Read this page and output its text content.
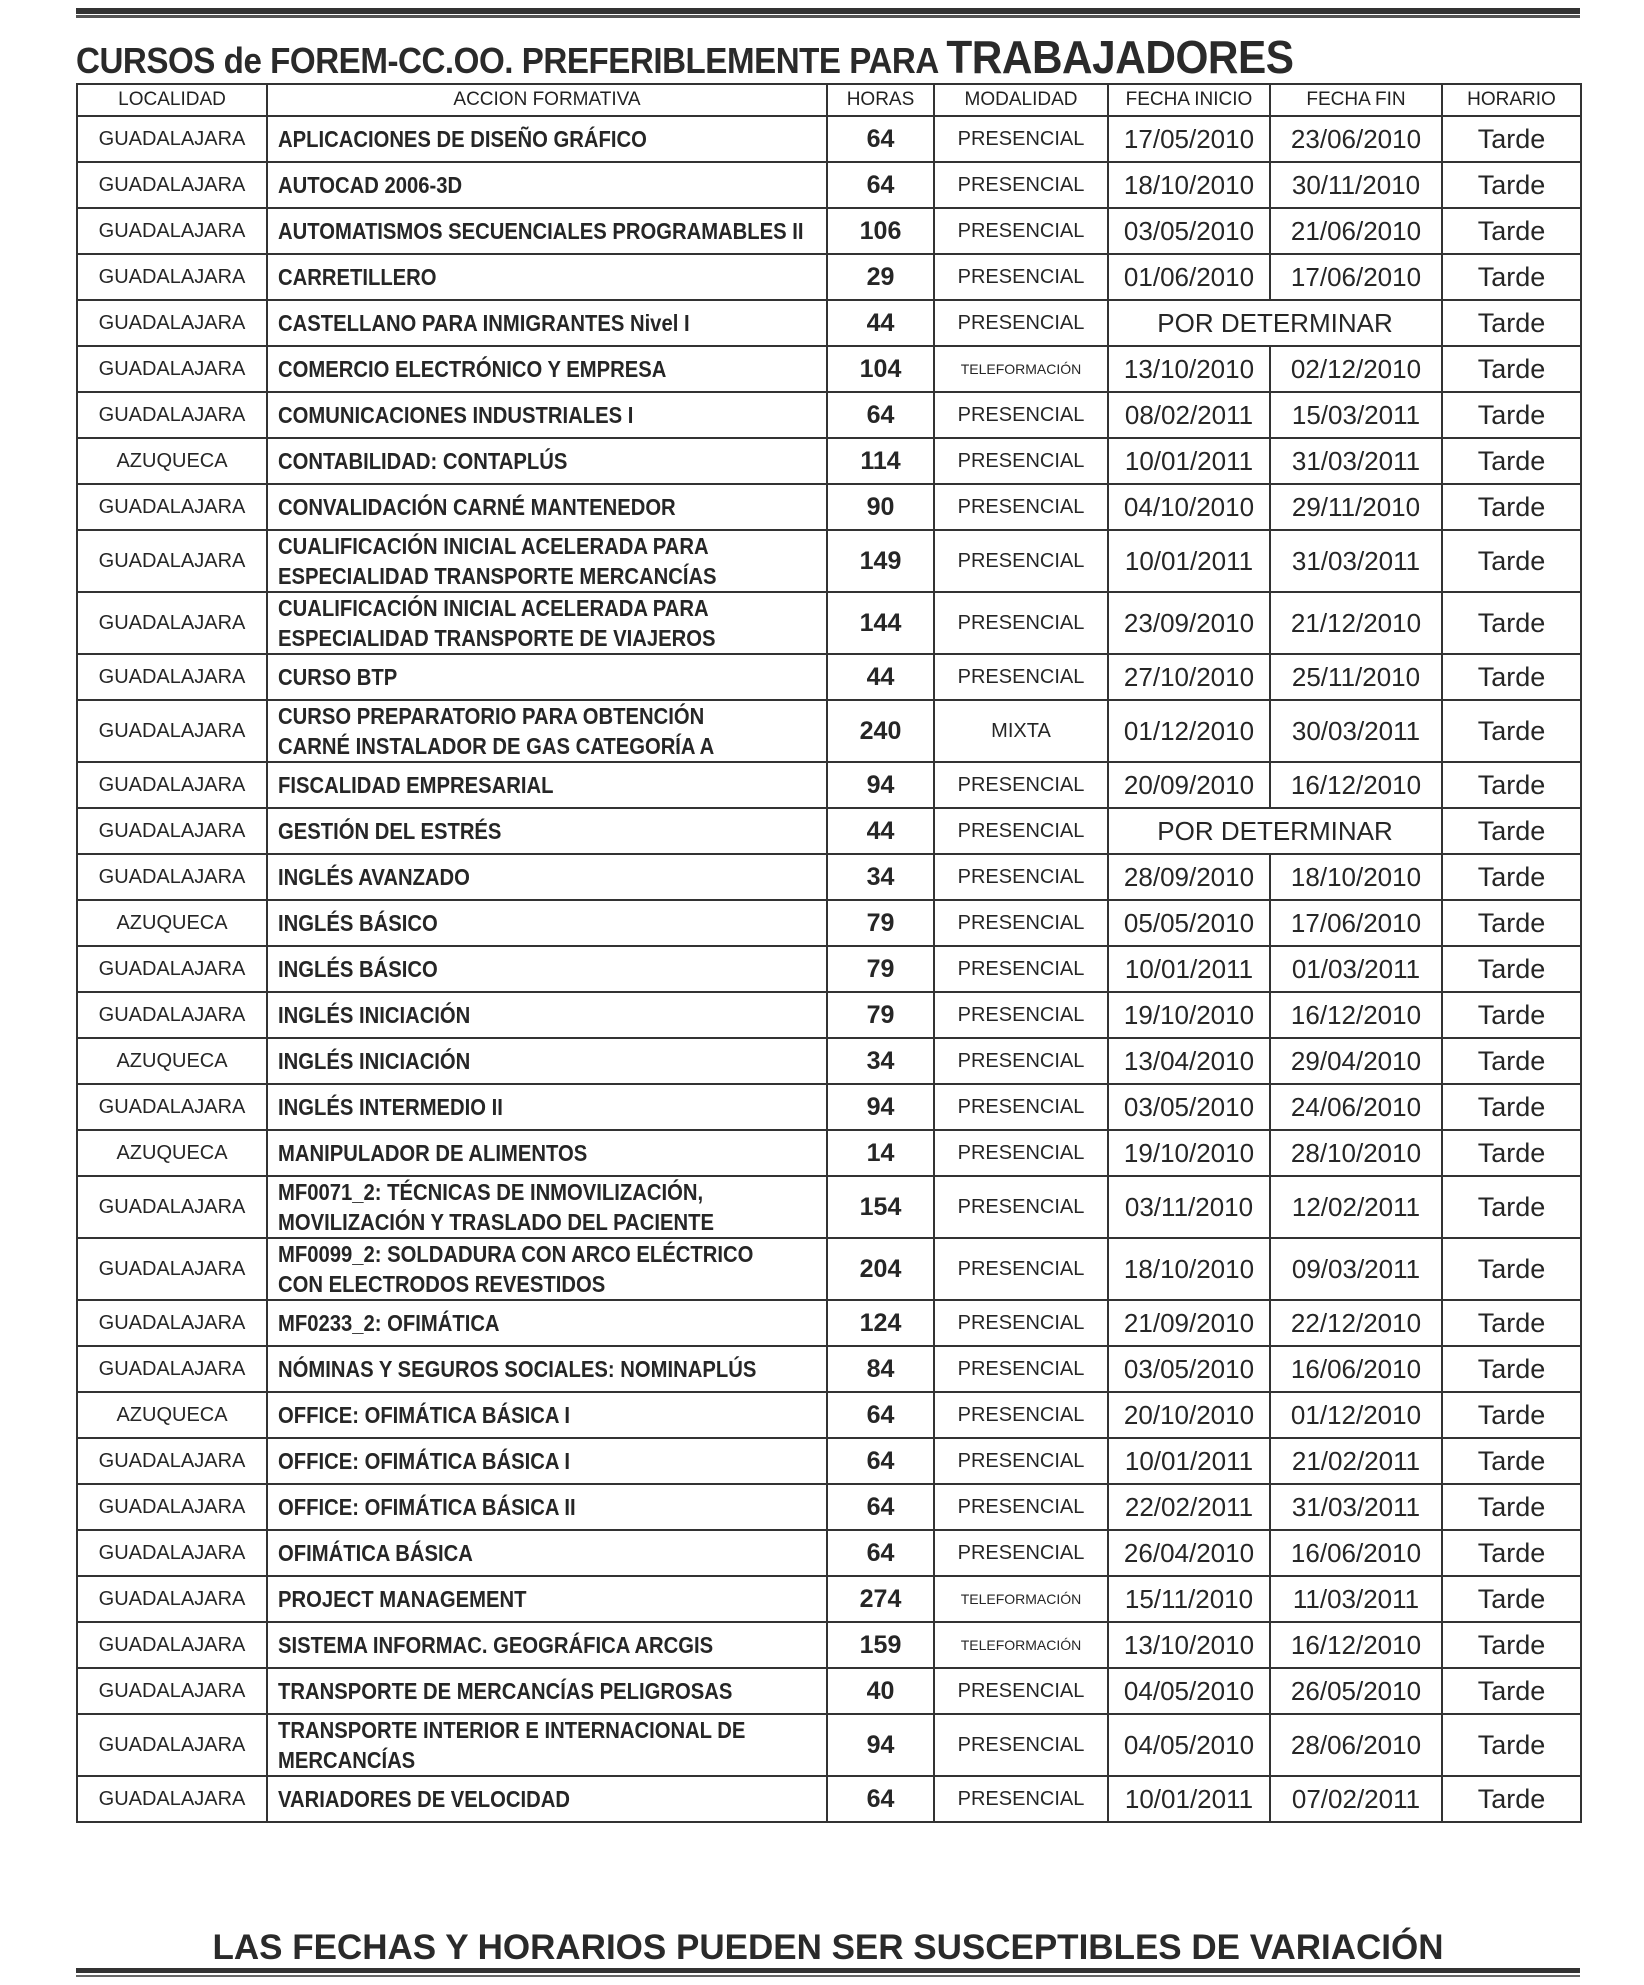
CURSOS de FOREM-CC.OO. PREFERIBLEMENTE PARA TRABAJADORES
LOCALIDAD	ACCION FORMATIVA	HORAS	MODALIDAD	FECHA INICIO	FECHA FIN	HORARIO
GUADALAJARA	APLICACIONES DE DISEÑO GRÁFICO	64	PRESENCIAL	17/05/2010	23/06/2010	Tarde
GUADALAJARA	AUTOCAD 2006-3D	64	PRESENCIAL	18/10/2010	30/11/2010	Tarde
GUADALAJARA	AUTOMATISMOS SECUENCIALES PROGRAMABLES II	106	PRESENCIAL	03/05/2010	21/06/2010	Tarde
GUADALAJARA	CARRETILLERO	29	PRESENCIAL	01/06/2010	17/06/2010	Tarde
GUADALAJARA	CASTELLANO PARA INMIGRANTES Nivel I	44	PRESENCIAL	POR DETERMINAR		Tarde
GUADALAJARA	COMERCIO ELECTRÓNICO Y EMPRESA	104	TELEFORMACIÓN	13/10/2010	02/12/2010	Tarde
GUADALAJARA	COMUNICACIONES INDUSTRIALES I	64	PRESENCIAL	08/02/2011	15/03/2011	Tarde
AZUQUECA	CONTABILIDAD: CONTAPLÚS	114	PRESENCIAL	10/01/2011	31/03/2011	Tarde
GUADALAJARA	CONVALIDACIÓN CARNÉ MANTENEDOR	90	PRESENCIAL	04/10/2010	29/11/2010	Tarde
GUADALAJARA	CUALIFICACIÓN INICIAL ACELERADA PARA
ESPECIALIDAD TRANSPORTE MERCANCÍAS	149	PRESENCIAL	10/01/2011	31/03/2011	Tarde
GUADALAJARA	CUALIFICACIÓN INICIAL ACELERADA PARA
ESPECIALIDAD TRANSPORTE DE VIAJEROS	144	PRESENCIAL	23/09/2010	21/12/2010	Tarde
GUADALAJARA	CURSO BTP	44	PRESENCIAL	27/10/2010	25/11/2010	Tarde
GUADALAJARA	CURSO PREPARATORIO PARA OBTENCIÓN
CARNÉ INSTALADOR DE GAS CATEGORÍA A	240	MIXTA	01/12/2010	30/03/2011	Tarde
GUADALAJARA	FISCALIDAD EMPRESARIAL	94	PRESENCIAL	20/09/2010	16/12/2010	Tarde
GUADALAJARA	GESTIÓN DEL ESTRÉS	44	PRESENCIAL	POR DETERMINAR		Tarde
GUADALAJARA	INGLÉS AVANZADO	34	PRESENCIAL	28/09/2010	18/10/2010	Tarde
AZUQUECA	INGLÉS BÁSICO	79	PRESENCIAL	05/05/2010	17/06/2010	Tarde
GUADALAJARA	INGLÉS BÁSICO	79	PRESENCIAL	10/01/2011	01/03/2011	Tarde
GUADALAJARA	INGLÉS INICIACIÓN	79	PRESENCIAL	19/10/2010	16/12/2010	Tarde
AZUQUECA	INGLÉS INICIACIÓN	34	PRESENCIAL	13/04/2010	29/04/2010	Tarde
GUADALAJARA	INGLÉS INTERMEDIO II	94	PRESENCIAL	03/05/2010	24/06/2010	Tarde
AZUQUECA	MANIPULADOR DE ALIMENTOS	14	PRESENCIAL	19/10/2010	28/10/2010	Tarde
GUADALAJARA	MF0071_2: TÉCNICAS DE INMOVILIZACIÓN,
MOVILIZACIÓN Y TRASLADO DEL PACIENTE	154	PRESENCIAL	03/11/2010	12/02/2011	Tarde
GUADALAJARA	MF0099_2: SOLDADURA CON ARCO ELÉCTRICO
CON ELECTRODOS REVESTIDOS	204	PRESENCIAL	18/10/2010	09/03/2011	Tarde
GUADALAJARA	MF0233_2: OFIMÁTICA	124	PRESENCIAL	21/09/2010	22/12/2010	Tarde
GUADALAJARA	NÓMINAS Y SEGUROS SOCIALES: NOMINAPLÚS	84	PRESENCIAL	03/05/2010	16/06/2010	Tarde
AZUQUECA	OFFICE: OFIMÁTICA BÁSICA I	64	PRESENCIAL	20/10/2010	01/12/2010	Tarde
GUADALAJARA	OFFICE: OFIMÁTICA BÁSICA I	64	PRESENCIAL	10/01/2011	21/02/2011	Tarde
GUADALAJARA	OFFICE: OFIMÁTICA BÁSICA II	64	PRESENCIAL	22/02/2011	31/03/2011	Tarde
GUADALAJARA	OFIMÁTICA BÁSICA	64	PRESENCIAL	26/04/2010	16/06/2010	Tarde
GUADALAJARA	PROJECT MANAGEMENT	274	TELEFORMACIÓN	15/11/2010	11/03/2011	Tarde
GUADALAJARA	SISTEMA INFORMAC. GEOGRÁFICA ARCGIS	159	TELEFORMACIÓN	13/10/2010	16/12/2010	Tarde
GUADALAJARA	TRANSPORTE DE MERCANCÍAS PELIGROSAS	40	PRESENCIAL	04/05/2010	26/05/2010	Tarde
GUADALAJARA	TRANSPORTE INTERIOR E INTERNACIONAL DE
MERCANCÍAS	94	PRESENCIAL	04/05/2010	28/06/2010	Tarde
GUADALAJARA	VARIADORES DE VELOCIDAD	64	PRESENCIAL	10/01/2011	07/02/2011	Tarde
LAS FECHAS Y HORARIOS PUEDEN SER SUSCEPTIBLES DE VARIACIÓN
